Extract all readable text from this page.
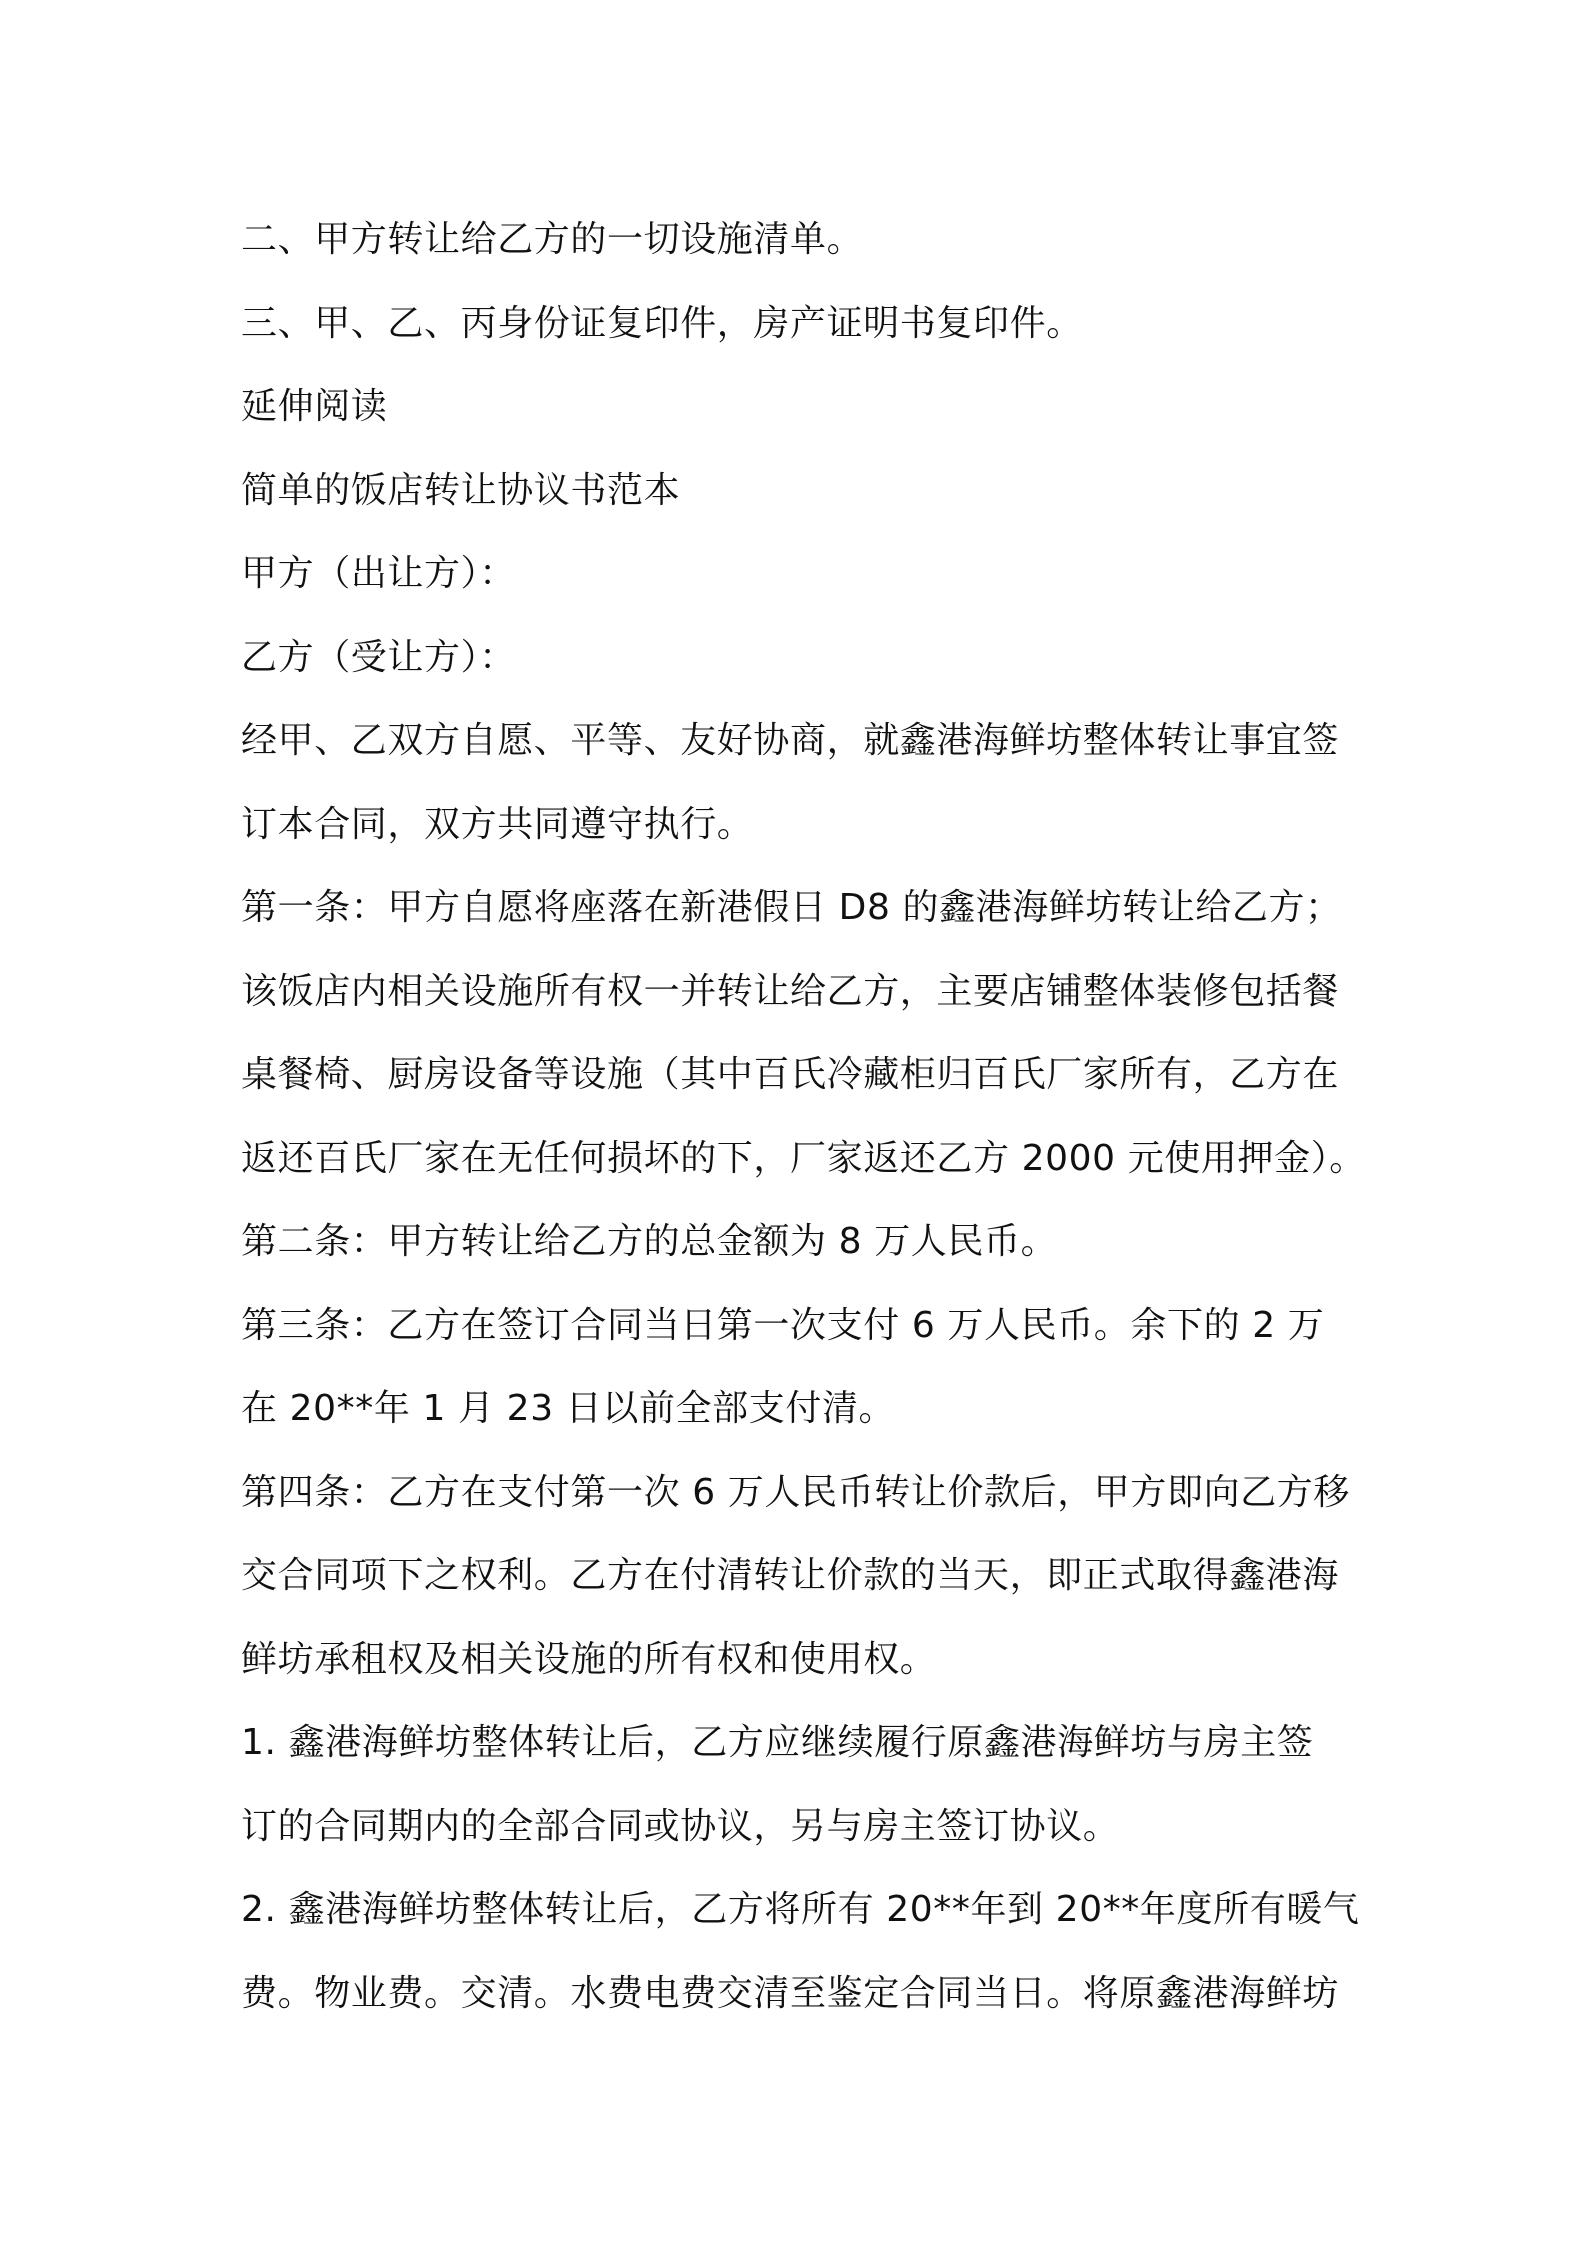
二、甲方转让给乙方的一切设施清单。
三、甲、乙、丙身份证复印件，房产证明书复印件。
延伸阅读
简单的饭店转让协议书范本
甲方（出让方）：
乙方（受让方）：
经甲、乙双方自愿、平等、友好协商，就鑫港海鲜坊整体转让事宜签
订本合同，双方共同遵守执行。
第一条：甲方自愿将座落在新港假日 D8 的鑫港海鲜坊转让给乙方；
该饭店内相关设施所有权一并转让给乙方，主要店铺整体装修包括餐
桌餐椅、厨房设备等设施（其中百氏冷藏柜归百氏厂家所有，乙方在
返还百氏厂家在无任何损坏的下，厂家返还乙方 2000 元使用押金）。
第二条：甲方转让给乙方的总金额为 8 万人民币。
第三条：乙方在签订合同当日第一次支付 6 万人民币。余下的 2 万
在 20**年 1 月 23 日以前全部支付清。
第四条：乙方在支付第一次 6 万人民币转让价款后，甲方即向乙方移
交合同项下之权利。乙方在付清转让价款的当天，即正式取得鑫港海
鲜坊承租权及相关设施的所有权和使用权。
1. 鑫港海鲜坊整体转让后，乙方应继续履行原鑫港海鲜坊与房主签
订的合同期内的全部合同或协议，另与房主签订协议。
2. 鑫港海鲜坊整体转让后，乙方将所有 20**年到 20**年度所有暖气
费。物业费。交清。水费电费交清至鉴定合同当日。将原鑫港海鲜坊
